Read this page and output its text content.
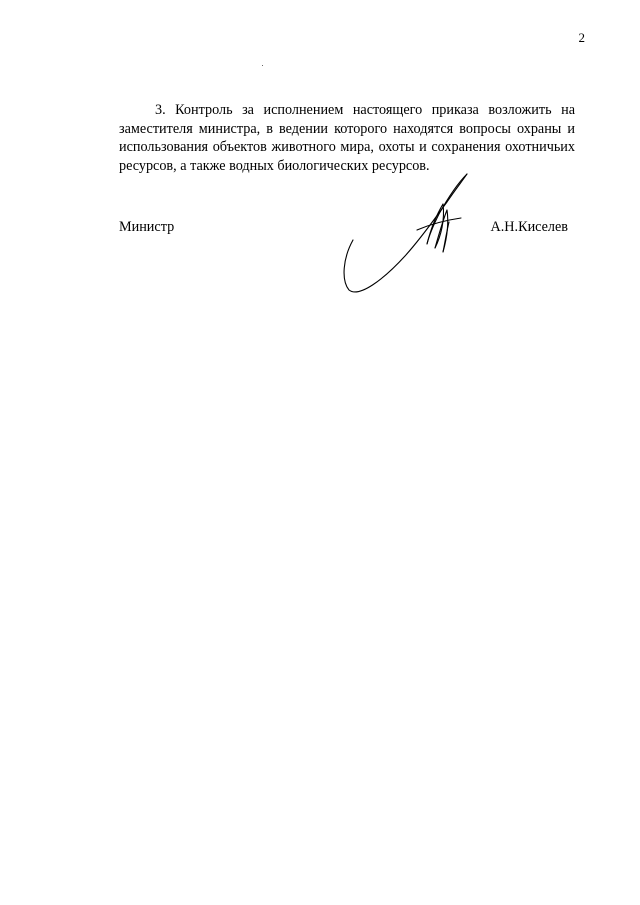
2

3. Контроль за исполнением настоящего приказа возложить на заместителя министра, в ведении которого находятся вопросы охраны и использования объектов животного мира, охоты и сохранения охотничьих ресурсов, а также водных биологических ресурсов.

Министр	А.Н.Киселев
